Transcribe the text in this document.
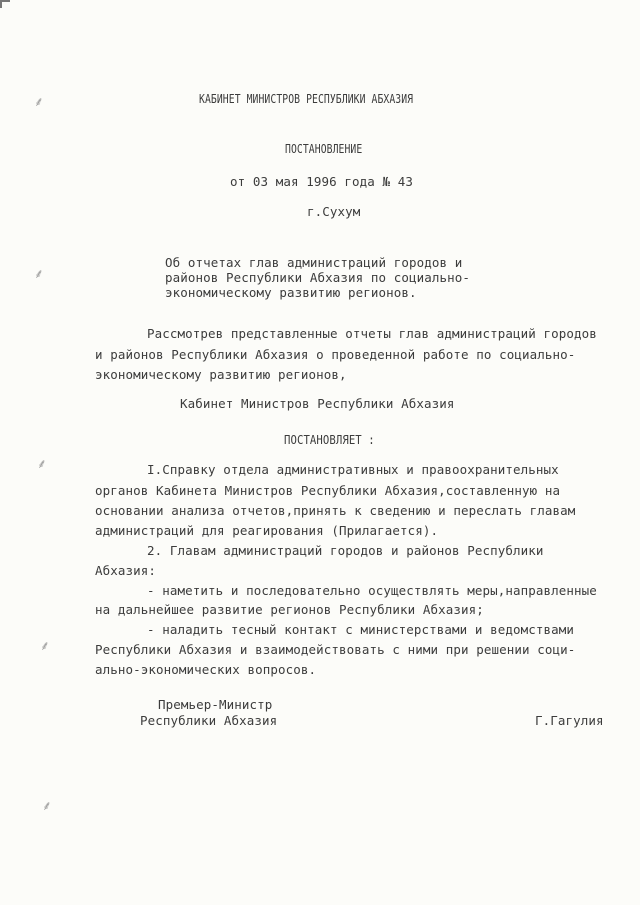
⸙
⸙
⸙
⸙
⸙
КАБИНЕТ МИНИСТРОВ РЕСПУБЛИКИ АБХАЗИЯ
ПОСТАНОВЛЕНИЕ
от 03 мая 1996 года № 43
г.Сухум
Об отчетах глав администраций городов и
районов Республики Абхазия по социально-
экономическому развитию регионов.
Рассмотрев представленные отчеты глав администраций городов
и районов Республики Абхазия о проведенной работе по социально-
экономическому развитию регионов,
Кабинет Министров Республики Абхазия
ПОСТАНОВЛЯЕТ :
I.Справку отдела административных и правоохранительных
органов Кабинета Министров Республики Абхазия,составленную на
основании анализа отчетов,принять к сведению и переслать главам
администраций для реагирования (Прилагается).
2. Главам администраций городов и районов Республики
Абхазия:
- наметить и последовательно осуществлять меры,направленные
на дальнейшее развитие регионов Республики Абхазия;
- наладить тесный контакт с министерствами и ведомствами
Республики Абхазия и взаимодействовать с ними при решении соци-
ально-экономических вопросов.
Премьер-Министр
Республики Абхазия	Г.Гагулия
